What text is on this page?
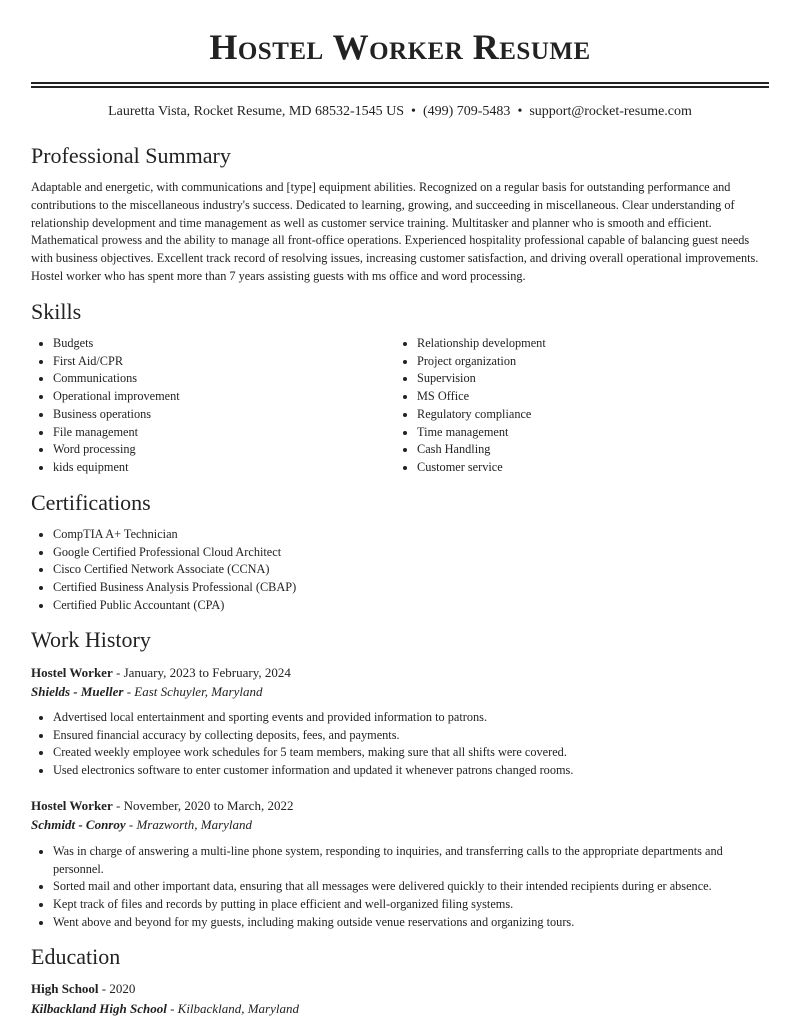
Hostel Worker Resume
Lauretta Vista, Rocket Resume, MD 68532-1545 US • (499) 709-5483 • support@rocket-resume.com
Professional Summary
Adaptable and energetic, with communications and [type] equipment abilities. Recognized on a regular basis for outstanding performance and contributions to the miscellaneous industry's success. Dedicated to learning, growing, and succeeding in miscellaneous. Clear understanding of relationship development and time management as well as customer service training. Multitasker and planner who is smooth and efficient. Mathematical prowess and the ability to manage all front-office operations. Experienced hospitality professional capable of balancing guest needs with business objectives. Excellent track record of resolving issues, increasing customer satisfaction, and driving overall operational improvements. Hostel worker who has spent more than 7 years assisting guests with ms office and word processing.
Skills
• Budgets
• First Aid/CPR
• Communications
• Operational improvement
• Business operations
• File management
• Word processing
• kids equipment
• Relationship development
• Project organization
• Supervision
• MS Office
• Regulatory compliance
• Time management
• Cash Handling
• Customer service
Certifications
• CompTIA A+ Technician
• Google Certified Professional Cloud Architect
• Cisco Certified Network Associate (CCNA)
• Certified Business Analysis Professional (CBAP)
• Certified Public Accountant (CPA)
Work History
Hostel Worker - January, 2023 to February, 2024
Shields - Mueller - East Schuyler, Maryland
• Advertised local entertainment and sporting events and provided information to patrons.
• Ensured financial accuracy by collecting deposits, fees, and payments.
• Created weekly employee work schedules for 5 team members, making sure that all shifts were covered.
• Used electronics software to enter customer information and updated it whenever patrons changed rooms.
Hostel Worker - November, 2020 to March, 2022
Schmidt - Conroy - Mrazworth, Maryland
• Was in charge of answering a multi-line phone system, responding to inquiries, and transferring calls to the appropriate departments and personnel.
• Sorted mail and other important data, ensuring that all messages were delivered quickly to their intended recipients during er absence.
• Kept track of files and records by putting in place efficient and well-organized filing systems.
• Went above and beyond for my guests, including making outside venue reservations and organizing tours.
Education
High School - 2020
Kilbackland High School - Kilbackland, Maryland
